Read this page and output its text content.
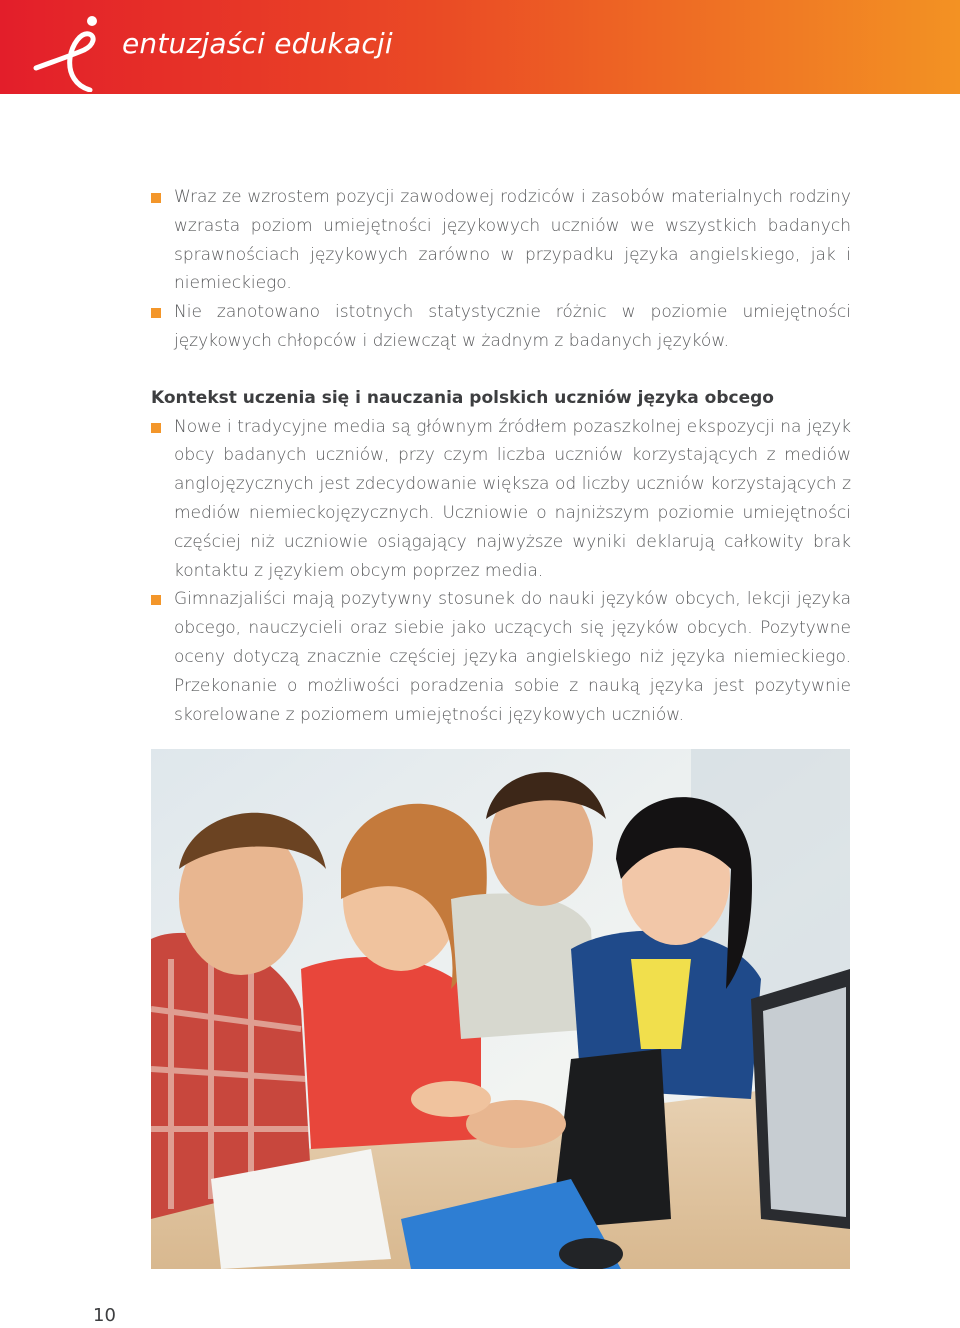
entuzjaści edukacji
Wraz ze wzrostem pozycji zawodowej rodziców i zasobów materialnych rodziny wzrasta poziom umiejętności językowych uczniów we wszystkich badanych sprawnościach językowych zarówno w przypadku języka angielskiego, jak i niemieckiego.
Nie zanotowano istotnych statystycznie różnic w poziomie umiejętności językowych chłopców i dziewcząt w żadnym z badanych języków.
Kontekst uczenia się i nauczania polskich uczniów języka obcego
Nowe i tradycyjne media są głównym źródłem pozaszkolnej ekspozycji na język obcy badanych uczniów, przy czym liczba uczniów korzystających z mediów anglojęzycznych jest zdecydowanie większa od liczby uczniów korzystających z mediów niemieckojęzycznych. Uczniowie o najniższym poziomie umiejętności częściej niż uczniowie osiągający najwyższe wyniki deklarują całkowity brak kontaktu z językiem obcym poprzez media.
Gimnazjaliści mają pozytywny stosunek do nauki języków obcych, lekcji języka obcego, nauczycieli oraz siebie jako uczących się języków obcych. Pozytywne oceny dotyczą znacznie częściej języka angielskiego niż języka niemieckiego. Przekonanie o możliwości poradzenia sobie z nauką języka jest pozytywnie skorelowane z poziomem umiejętności językowych uczniów.
10
